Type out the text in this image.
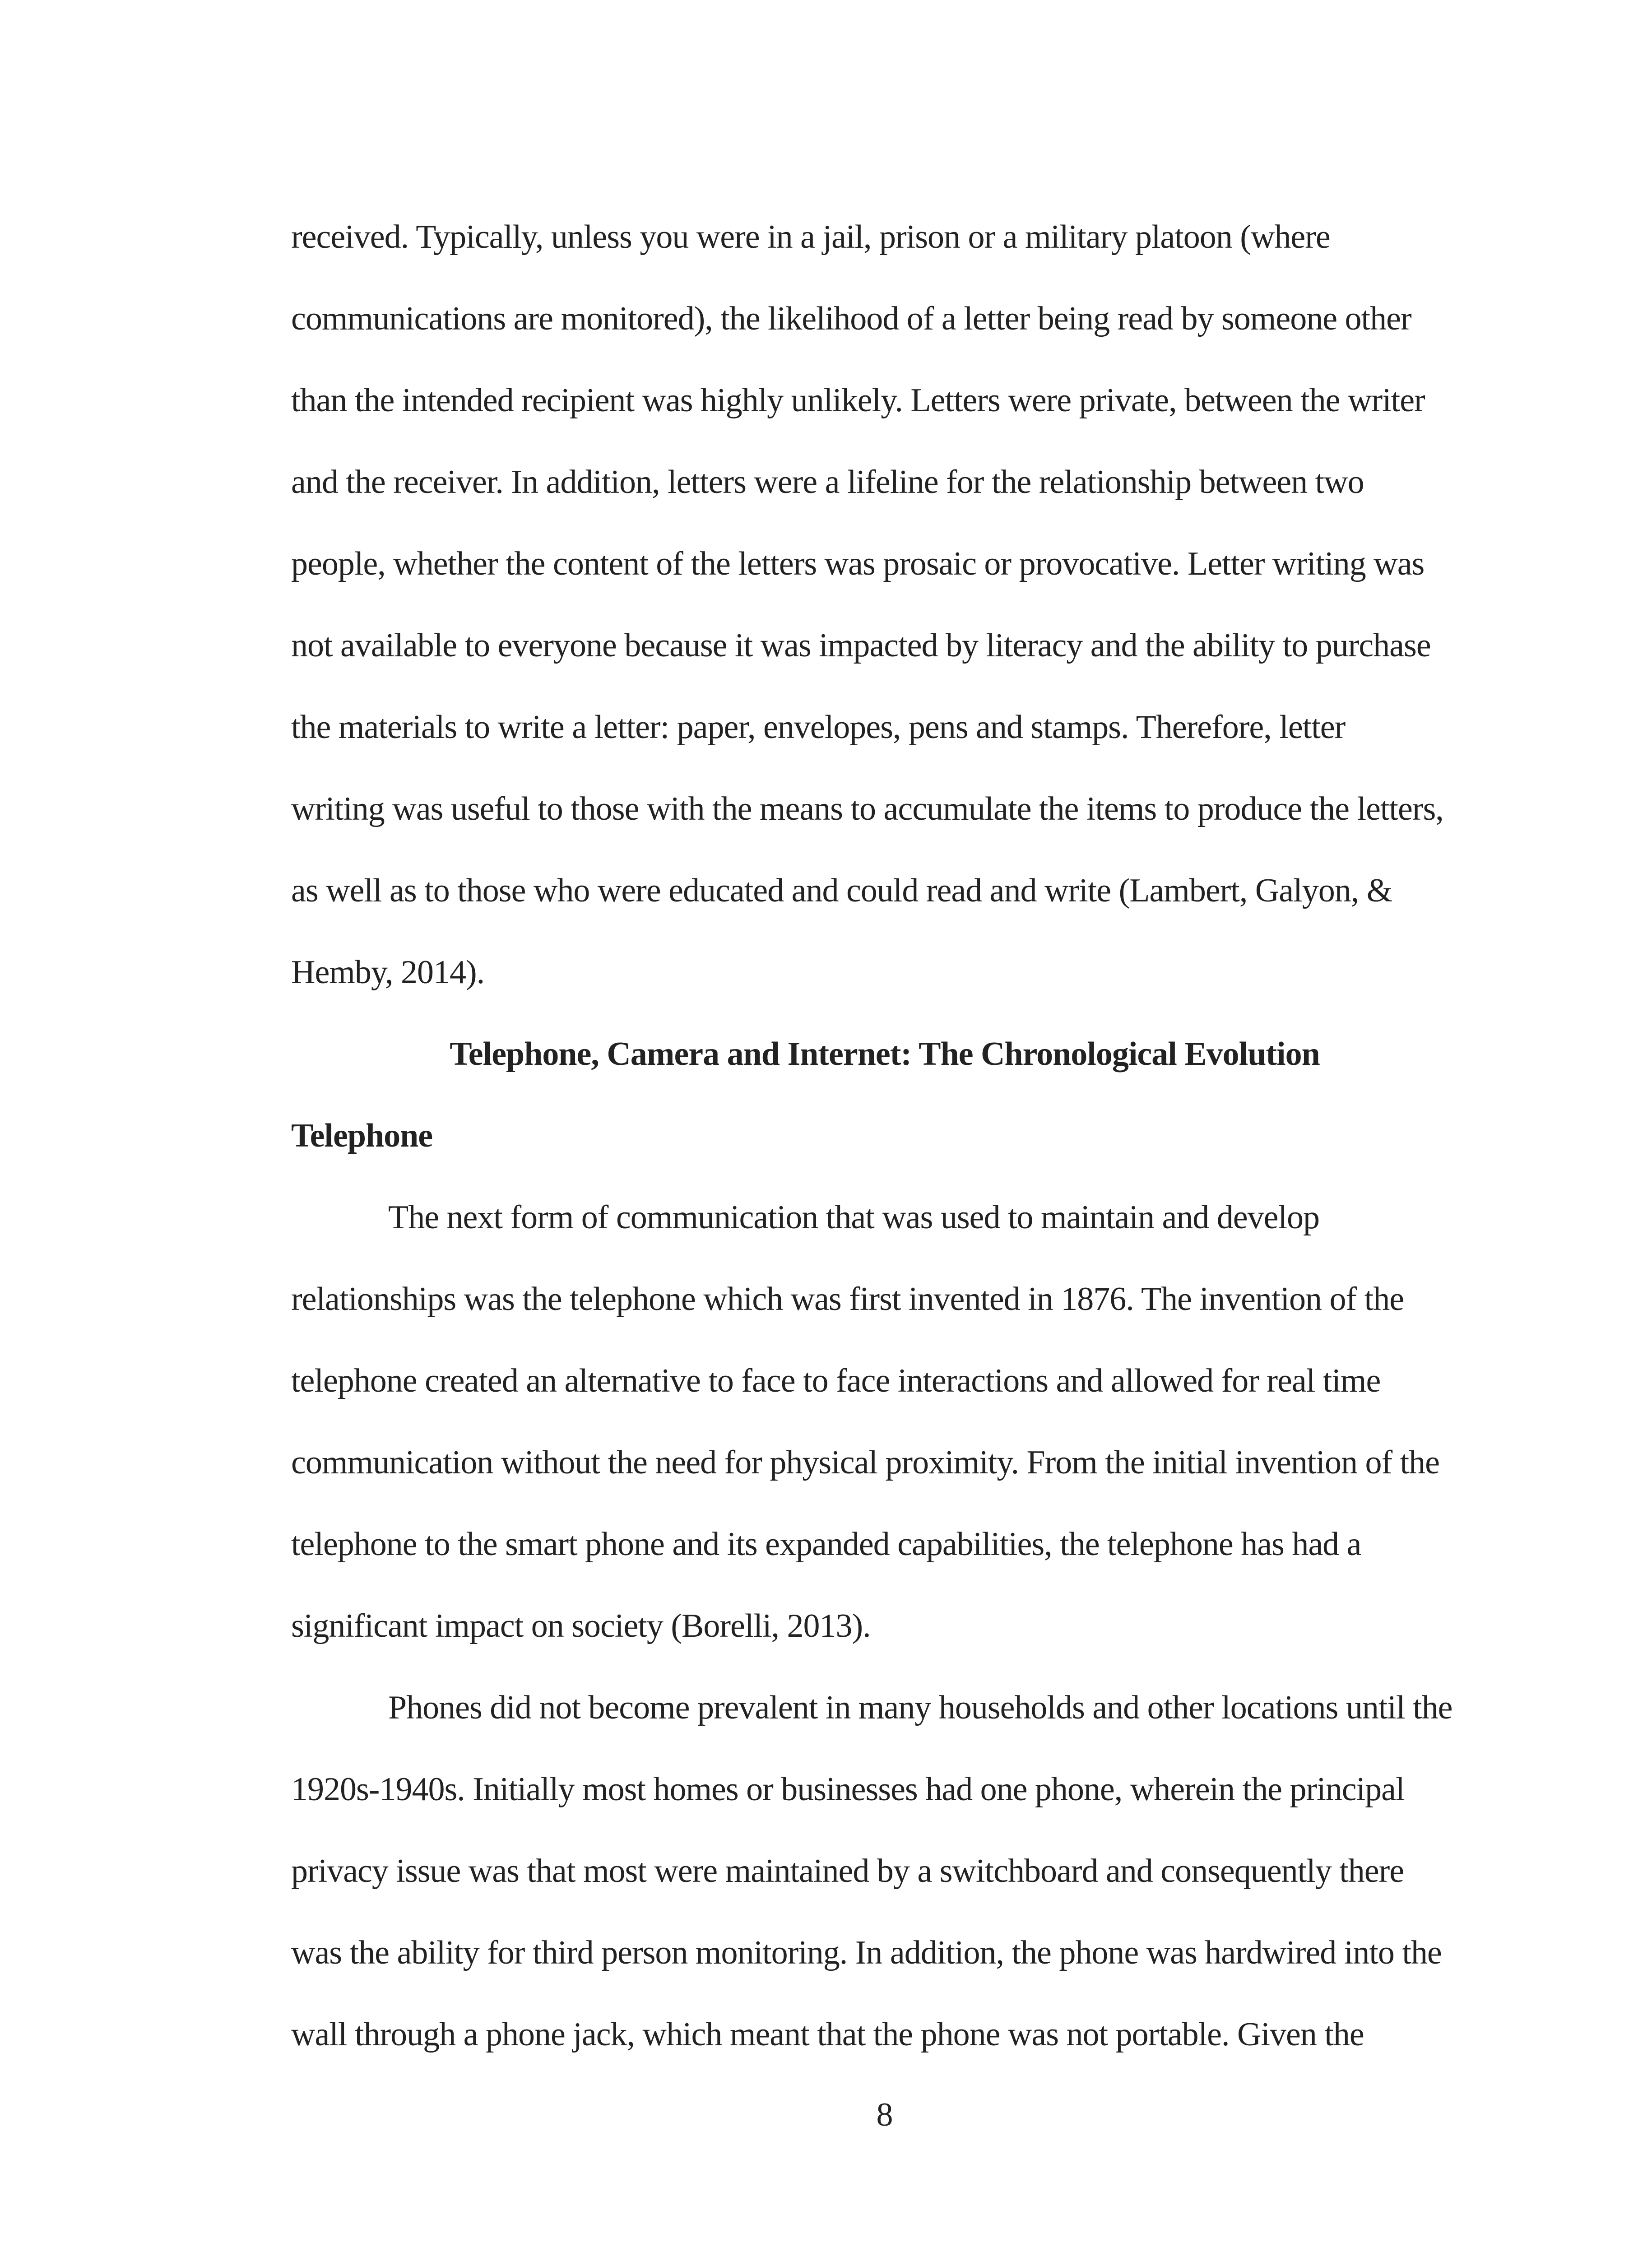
received. Typically, unless you were in a jail, prison or a military platoon (where
communications are monitored), the likelihood of a letter being read by someone other
than the intended recipient was highly unlikely. Letters were private, between the writer
and the receiver. In addition, letters were a lifeline for the relationship between two
people, whether the content of the letters was prosaic or provocative. Letter writing was
not available to everyone because it was impacted by literacy and the ability to purchase
the materials to write a letter: paper, envelopes, pens and stamps. Therefore, letter
writing was useful to those with the means to accumulate the items to produce the letters,
as well as to those who were educated and could read and write (Lambert, Galyon, &
Hemby, 2014).
Telephone, Camera and Internet: The Chronological Evolution
Telephone
The next form of communication that was used to maintain and develop
relationships was the telephone which was first invented in 1876. The invention of the
telephone created an alternative to face to face interactions and allowed for real time
communication without the need for physical proximity. From the initial invention of the
telephone to the smart phone and its expanded capabilities, the telephone has had a
significant impact on society (Borelli, 2013).
Phones did not become prevalent in many households and other locations until the
1920s-1940s. Initially most homes or businesses had one phone, wherein the principal
privacy issue was that most were maintained by a switchboard and consequently there
was the ability for third person monitoring. In addition, the phone was hardwired into the
wall through a phone jack, which meant that the phone was not portable. Given the
8
